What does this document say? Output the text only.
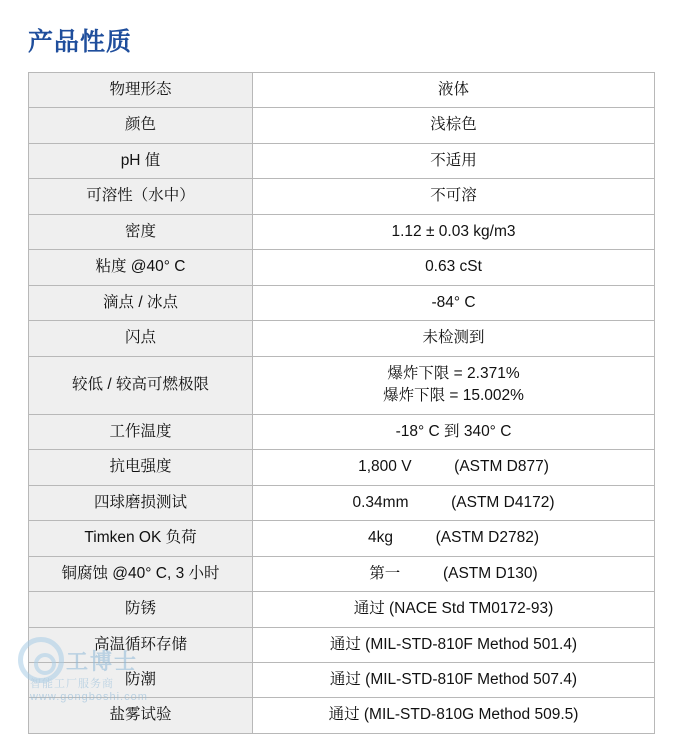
产品性质
物理形态	液体
颜色	浅棕色
pH 值	不适用
可溶性（水中）	不可溶
密度	1.12 ± 0.03 kg/m3
粘度 @40° C	0.63 cSt
滴点 / 冰点	-84° C
闪点	未检测到
较低 / 较高可燃极限	爆炸下限 = 2.371%
爆炸下限 = 15.002%

工作温度	-18° C 到 340° C
抗电强度	1,800 V (ASTM D877)
四球磨损测试	0.34mm (ASTM D4172)
Timken OK 负荷	4kg (ASTM D2782)
铜腐蚀 @40° C, 3 小时	第一 (ASTM D130)
防锈	通过 (NACE Std TM0172-93)
高温循环存储	通过 (MIL-STD-810F Method 501.4)
防潮	通过 (MIL-STD-810F Method 507.4)
盐雾试验	通过 (MIL-STD-810G Method 509.5)
工博士
智能工厂服务商
www.gongboshi.com
